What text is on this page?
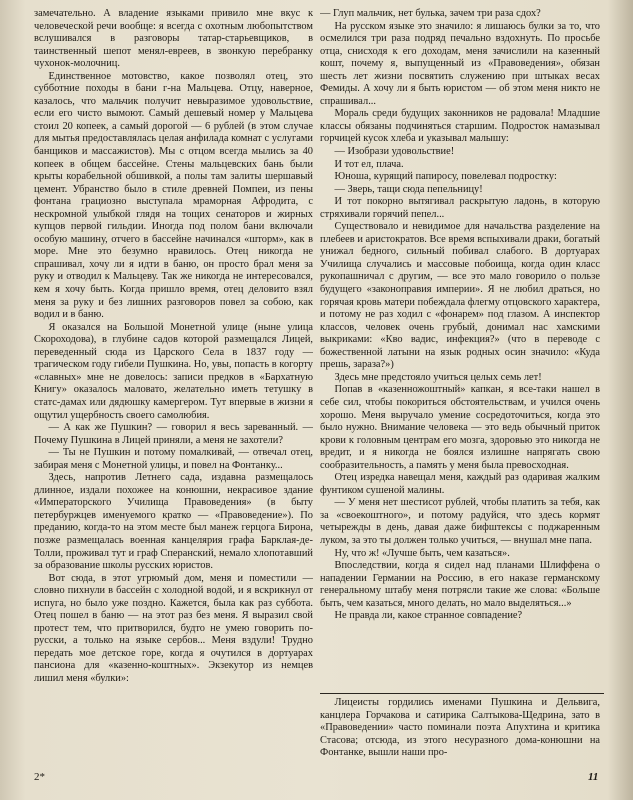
замечательно. А владение языками привило мне вкус к человеческой речи вообще: я всегда с охотным любопытством вслушивался в разговоры татар-старьевщиков, в таинственный шепот менял-евреев, в звонкую перебранку чухонок-молочниц.

Единственное мотовство, какое позволял отец, это субботние походы в бани г-на Мальцева. Отцу, наверное, казалось, что мальчик получит невыразимое удовольствие, если его чисто вымоют. Самый дешевый номер у Мальцева стоил 20 копеек, а самый дорогой — 6 рублей (в этом случае для мытья предоставлялась целая анфилада комнат с услугами банщиков и массажистов). Мы с отцом всегда мылись за 40 копеек в общем бассейне. Стены мальцевских бань были крыты корабельной обшивкой, а полы там залиты шершавый цемент. Убранство было в стиле древней Помпеи, из пены фонтана грациозно выступала мраморная Афродита, с нескромной улыбкой глядя на тощих сенаторов и жирных купцов первой гильдии. Иногда под полом бани включали особую машину, отчего в бассейне начинался «шторм», как в море. Мне это безумно нравилось. Отец никогда не спрашивал, хочу ли я идти в баню, он просто брал меня за руку и отводил к Мальцеву. Так же никогда не интересовался, кем я хочу быть. Когда пришло время, отец деловито взял меня за руку и без лишних разговоров повел за собою, как водил и в баню.

Я оказался на Большой Монетной улице (ныне улица Скороходова), в глубине садов которой размещался Лицей, переведенный сюда из Царского Села в 1837 году — трагическом году гибели Пушкина. Но, увы, попасть в когорту «славных» мне не довелось: записи предков в «Бархатную Книгу» оказалось маловато, желательно иметь тетушку в статс-дамах или дядюшку камергером. Тут впервые в жизни я ощутил ущербность своего самолюбия.

— А как же Пушкин? — говорил я весь зареванный. — Почему Пушкина в Лицей приняли, а меня не захотели?

— Ты не Пушкин и потому помалкивай, — отвечал отец, забирая меня с Монетной улицы, и повел на Фонтанку...

Здесь, напротив Летнего сада, издавна размещалось длинное, издали похожее на конюшни, некрасивое здание «Императорского Училища Правоведения» (в быту петербуржцев именуемого кратко — «Правоведение»). По преданию, когда-то на этом месте был манеж герцога Бирона, позже размещалась военная канцелярия графа Барклая-де-Толли, проживал тут и граф Сперанский, немало хлопотавший за образование школы русских юристов.

Вот сюда, в этот угрюмый дом, меня и поместили — словно пихнули в бассейн с холодной водой, и я вскрикнул от испуга, но было уже поздно. Кажется, была как раз суббота. Отец пошел в баню — на этот раз без меня. Я выразил свой протест тем, что притворился, будто не умею говорить по-русски, а только на языке сербов... Меня вздули! Трудно передать мое детское горе, когда я очутился в дортуарах пансиона для «казенно-коштных». Экзекутор из немцев лишил меня «булки»:

— Глуп мальчик, нет булька, зачем три раза сдох?

На русском языке это значило: я лишаюсь булки за то, что осмелился три раза подряд печально вздохнуть. По просьбе отца, снисходя к его доходам, меня зачислили на казенный кошт, почему я, выпущенный из «Правоведения», обязан шесть лет жизни посвятить служению при штыках весах Фемиды. А хочу ли я быть юристом — об этом меня никто не спрашивал...

Мораль среди будущих законников не радовала! Младшие классы обязаны подчиняться старшим. Подросток намазывал горчицей кусок хлеба и указывал малышу:

— Изобрази удовольствие!

И тот ел, плача.

Юноша, курящий папиросу, повелевал подростку:

— Зверь, тащи сюда пепельницу!

И тот покорно вытягивал раскрытую ладонь, в которую стряхивали горячий пепел...

Существовало и невидимое для начальства разделение на плебеев и аристократов. Все время вспыхивали драки, богатый унижал бедного, сильный побивал слабого. В дортуарах Училища случались и массовые побоища, когда один класс рукопашничал с другим, — все это мало говорило о пользе будущего «законоправия империи». Я не любил драться, но горячая кровь матери побеждала флегму отцовского характера, и потому не раз ходил с «фонарем» под глазом. А инспектор классов, человек очень грубый, донимал нас хамскими выкриками: «Кво вадис, инфекция?» (что в переводе с божественной латыни на язык родных осин значило: «Куда прешь, зараза?»)

Здесь мне предстояло учиться целых семь лет!

Попав в «казенножоштный» капкан, я все-таки нашел в себе сил, чтобы покориться обстоятельствам, и учился очень хорошо. Меня выручало умение сосредоточиться, когда это было нужно. Внимание человека — это ведь обычный приток крови к головным центрам его мозга, здоровью это никогда не вредит, и я никогда не боялся излишне напрягать свою сообразительность, а память у меня была превосходная.

Отец изредка навещал меня, каждый раз одаривая жалким фунтиком сушеной малины.

— У меня нет шестисот рублей, чтобы платить за тебя, как за «своекоштного», и потому радуйся, что здесь кормят четырежды в день, давая даже бифштексы с поджаренным луком, за это ты должен только учиться, — внушал мне папа.

Ну, что ж! «Лучше быть, чем казаться».

Впоследствии, когда я сидел над планами Шлиффена о нападении Германии на Россию, в его наказе германскому генеральному штабу меня потрясли такие же слова: «Больше быть, чем казаться, много делать, но мало выделяться...»

Не правда ли, какое странное совпадение?

Лицеисты гордились именами Пушкина и Дельвига, канцлера Горчакова и сатирика Салтыкова-Щедрина, зато в «Правоведении» часто поминали поэта Апухтина и критика Стасова; отсюда, из этого несуразного дома-конюшни на Фонтанке, вышли наши про-

2*	11
